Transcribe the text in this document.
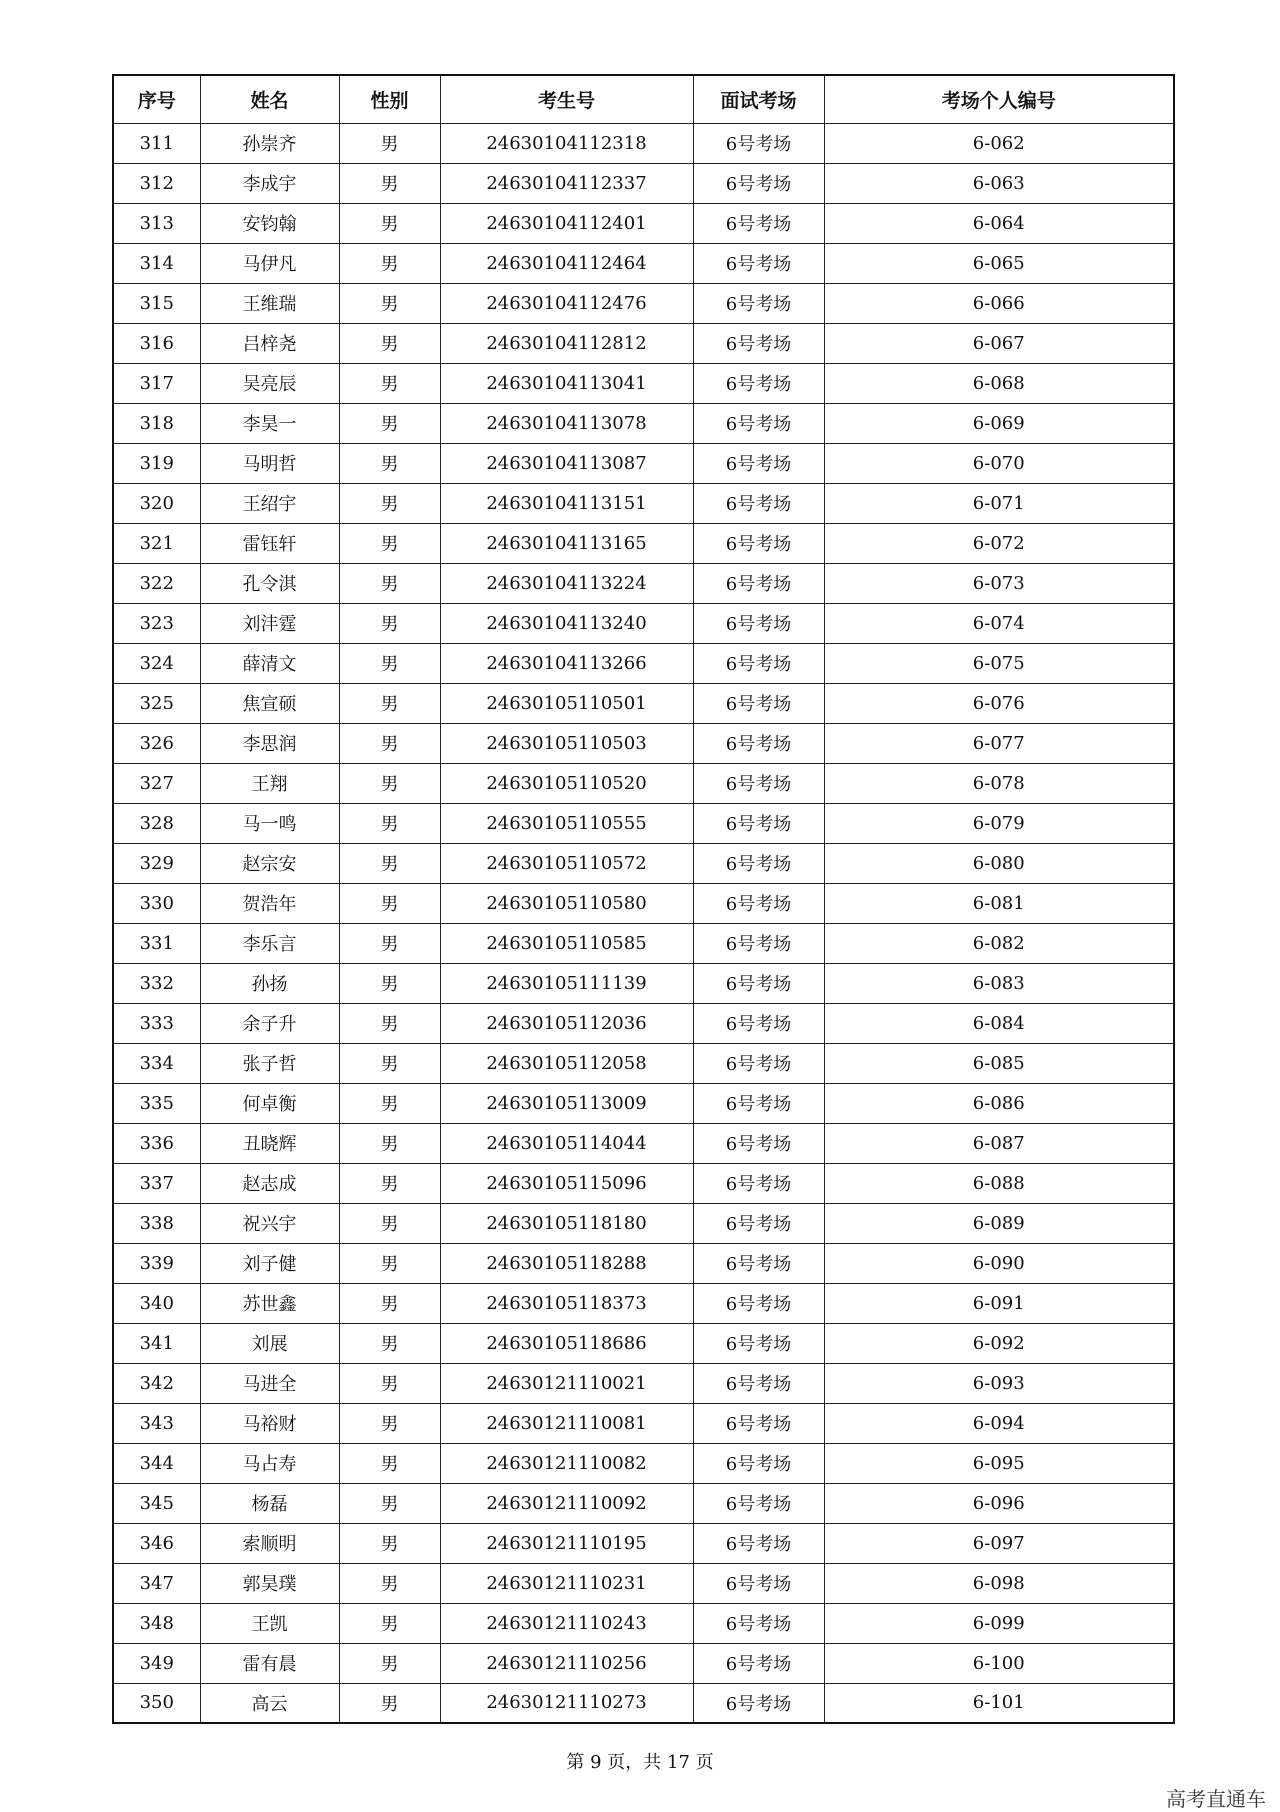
序号	姓名	性别	考生号	面试考场	考场个人编号
311	孙崇齐	男	24630104112318	6号考场	6-062
312	李成宇	男	24630104112337	6号考场	6-063
313	安钧翰	男	24630104112401	6号考场	6-064
314	马伊凡	男	24630104112464	6号考场	6-065
315	王维瑞	男	24630104112476	6号考场	6-066
316	吕梓尧	男	24630104112812	6号考场	6-067
317	吴亮辰	男	24630104113041	6号考场	6-068
318	李昊一	男	24630104113078	6号考场	6-069
319	马明哲	男	24630104113087	6号考场	6-070
320	王绍宇	男	24630104113151	6号考场	6-071
321	雷钰轩	男	24630104113165	6号考场	6-072
322	孔令淇	男	24630104113224	6号考场	6-073
323	刘沣霆	男	24630104113240	6号考场	6-074
324	薛清文	男	24630104113266	6号考场	6-075
325	焦宣硕	男	24630105110501	6号考场	6-076
326	李思润	男	24630105110503	6号考场	6-077
327	王翔	男	24630105110520	6号考场	6-078
328	马一鸣	男	24630105110555	6号考场	6-079
329	赵宗安	男	24630105110572	6号考场	6-080
330	贺浩年	男	24630105110580	6号考场	6-081
331	李乐言	男	24630105110585	6号考场	6-082
332	孙扬	男	24630105111139	6号考场	6-083
333	余子升	男	24630105112036	6号考场	6-084
334	张子哲	男	24630105112058	6号考场	6-085
335	何卓衡	男	24630105113009	6号考场	6-086
336	丑晓辉	男	24630105114044	6号考场	6-087
337	赵志成	男	24630105115096	6号考场	6-088
338	祝兴宇	男	24630105118180	6号考场	6-089
339	刘子健	男	24630105118288	6号考场	6-090
340	苏世鑫	男	24630105118373	6号考场	6-091
341	刘展	男	24630105118686	6号考场	6-092
342	马进全	男	24630121110021	6号考场	6-093
343	马裕财	男	24630121110081	6号考场	6-094
344	马占寿	男	24630121110082	6号考场	6-095
345	杨磊	男	24630121110092	6号考场	6-096
346	索顺明	男	24630121110195	6号考场	6-097
347	郭昊璞	男	24630121110231	6号考场	6-098
348	王凯	男	24630121110243	6号考场	6-099
349	雷有晨	男	24630121110256	6号考场	6-100
350	高云	男	24630121110273	6号考场	6-101
第 9 页，共 17 页
高考直通车
